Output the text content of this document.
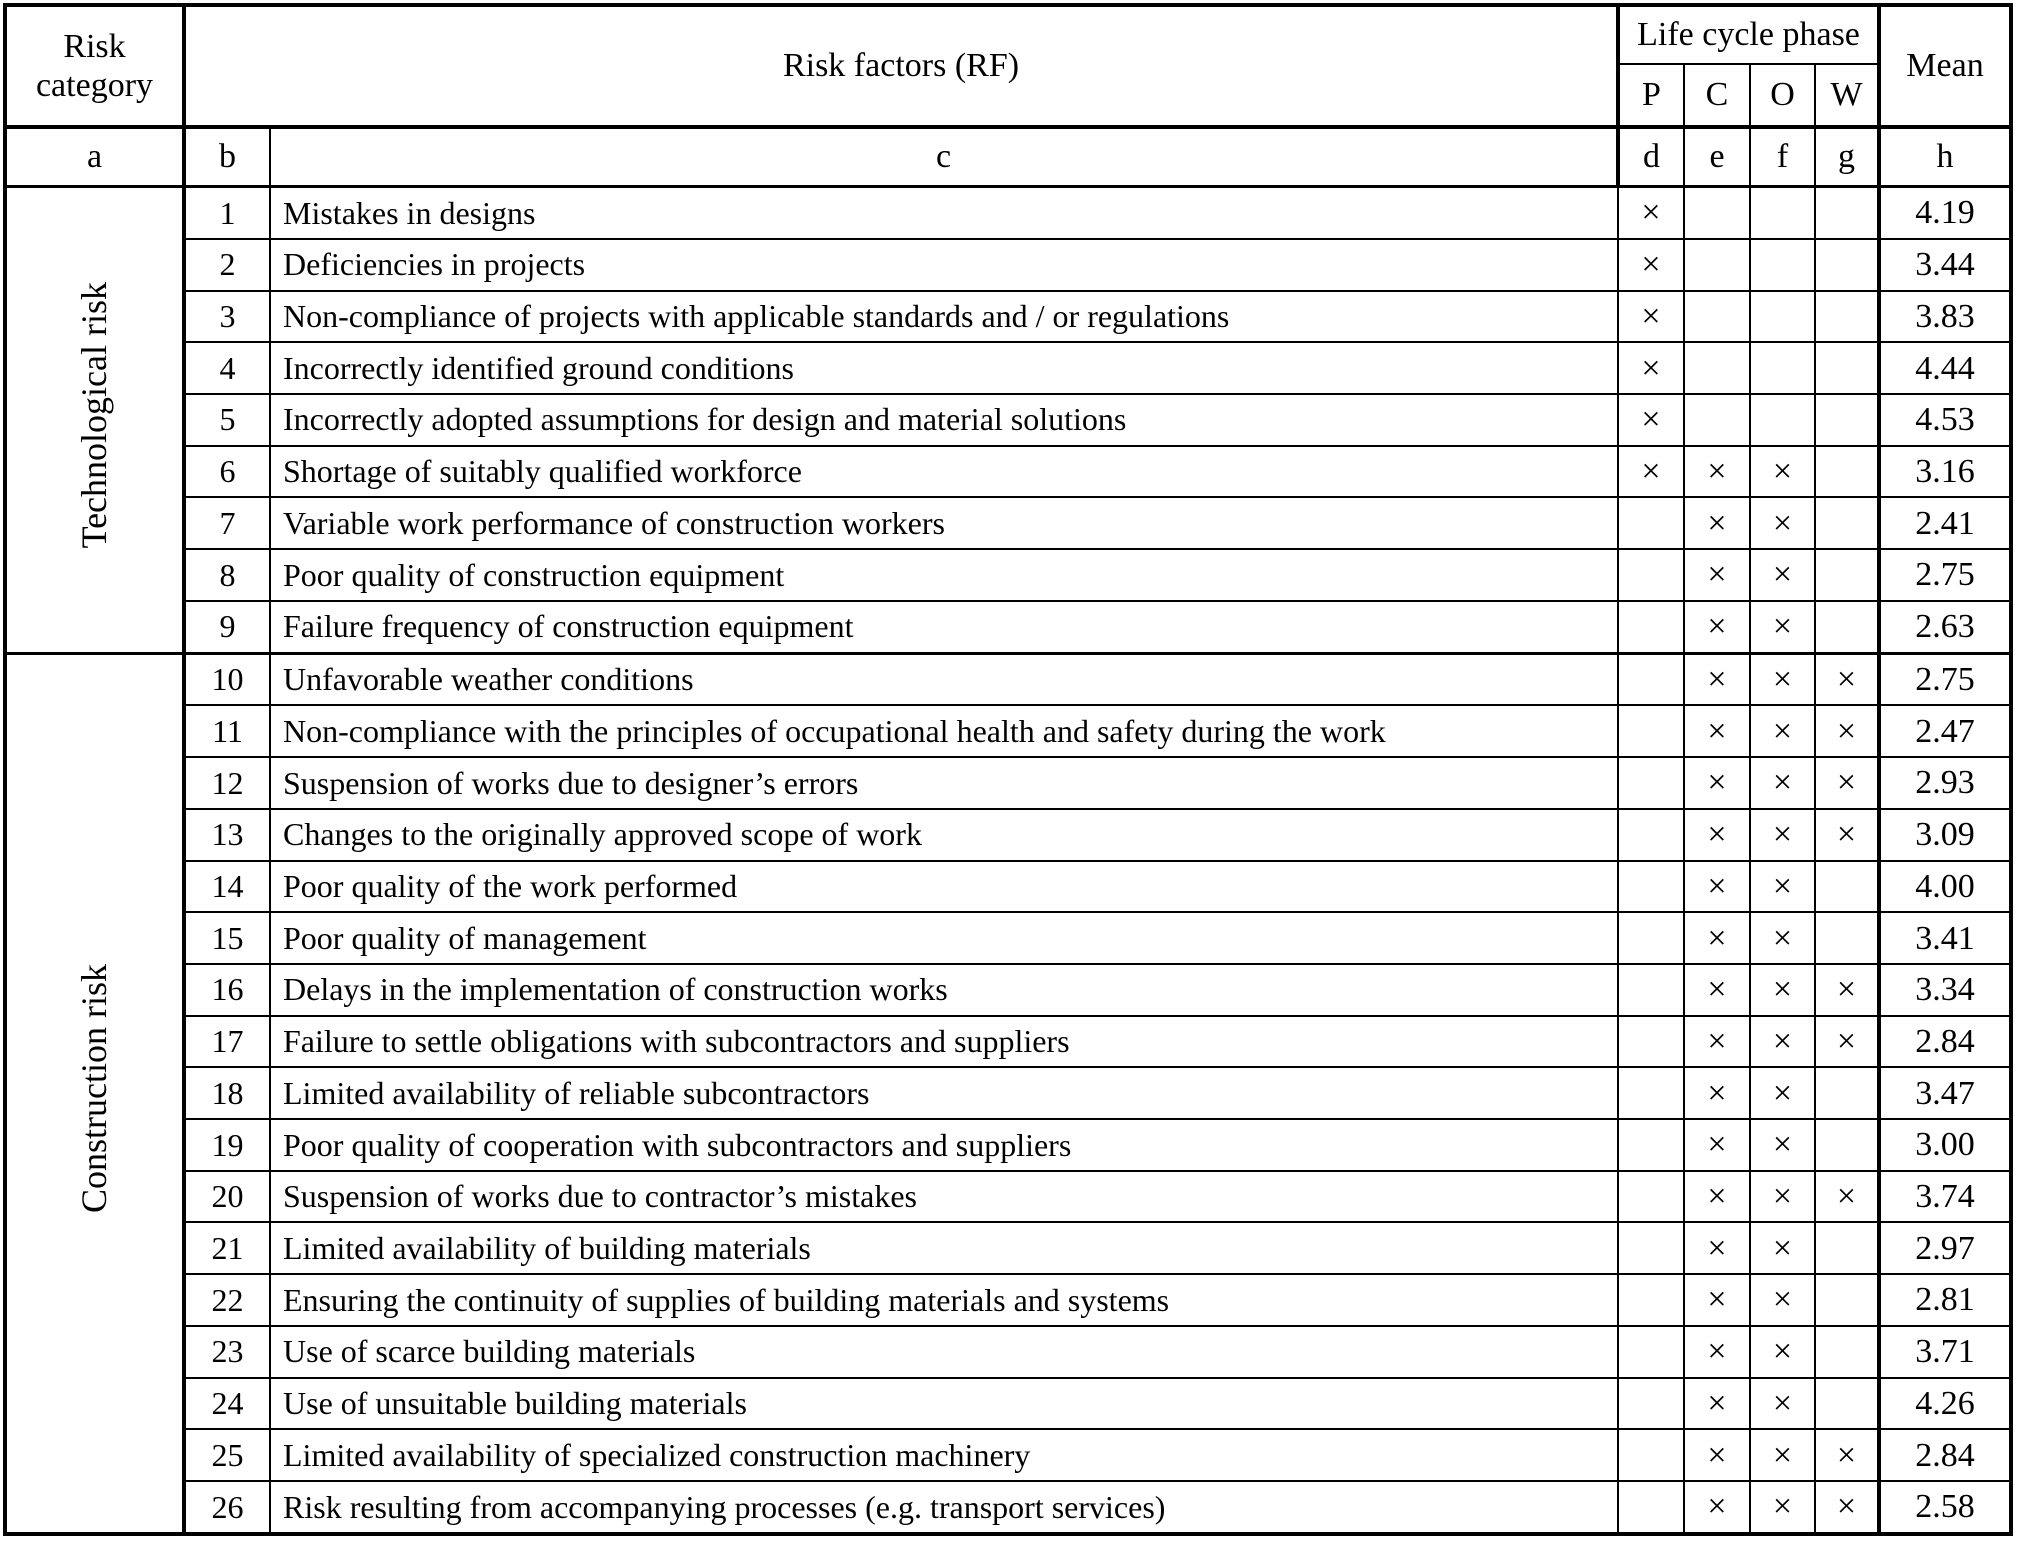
Risk category	Risk factors (RF)		Life cycle phase				Mean
			P	C	O	W	
a	b	c	d	e	f	g	h
Technological risk	1	Mistakes in designs	×				4.19
	2	Deficiencies in projects	×				3.44
	3	Non-compliance of projects with applicable standards and / or regulations	×				3.83
	4	Incorrectly identified ground conditions	×				4.44
	5	Incorrectly adopted assumptions for design and material solutions	×				4.53
	6	Shortage of suitably qualified workforce	×	×	×		3.16
	7	Variable work performance of construction workers		×	×		2.41
	8	Poor quality of construction equipment		×	×		2.75
	9	Failure frequency of construction equipment		×	×		2.63
Construction risk	10	Unfavorable weather conditions		×	×	×	2.75
	11	Non-compliance with the principles of occupational health and safety during the work		×	×	×	2.47
	12	Suspension of works due to designer’s errors		×	×	×	2.93
	13	Changes to the originally approved scope of work		×	×	×	3.09
	14	Poor quality of the work performed		×	×		4.00
	15	Poor quality of management		×	×		3.41
	16	Delays in the implementation of construction works		×	×	×	3.34
	17	Failure to settle obligations with subcontractors and suppliers		×	×	×	2.84
	18	Limited availability of reliable subcontractors		×	×		3.47
	19	Poor quality of cooperation with subcontractors and suppliers		×	×		3.00
	20	Suspension of works due to contractor’s mistakes		×	×	×	3.74
	21	Limited availability of building materials		×	×		2.97
	22	Ensuring the continuity of supplies of building materials and systems		×	×		2.81
	23	Use of scarce building materials		×	×		3.71
	24	Use of unsuitable building materials		×	×		4.26
	25	Limited availability of specialized construction machinery		×	×	×	2.84
	26	Risk resulting from accompanying processes (e.g. transport services)		×	×	×	2.58
